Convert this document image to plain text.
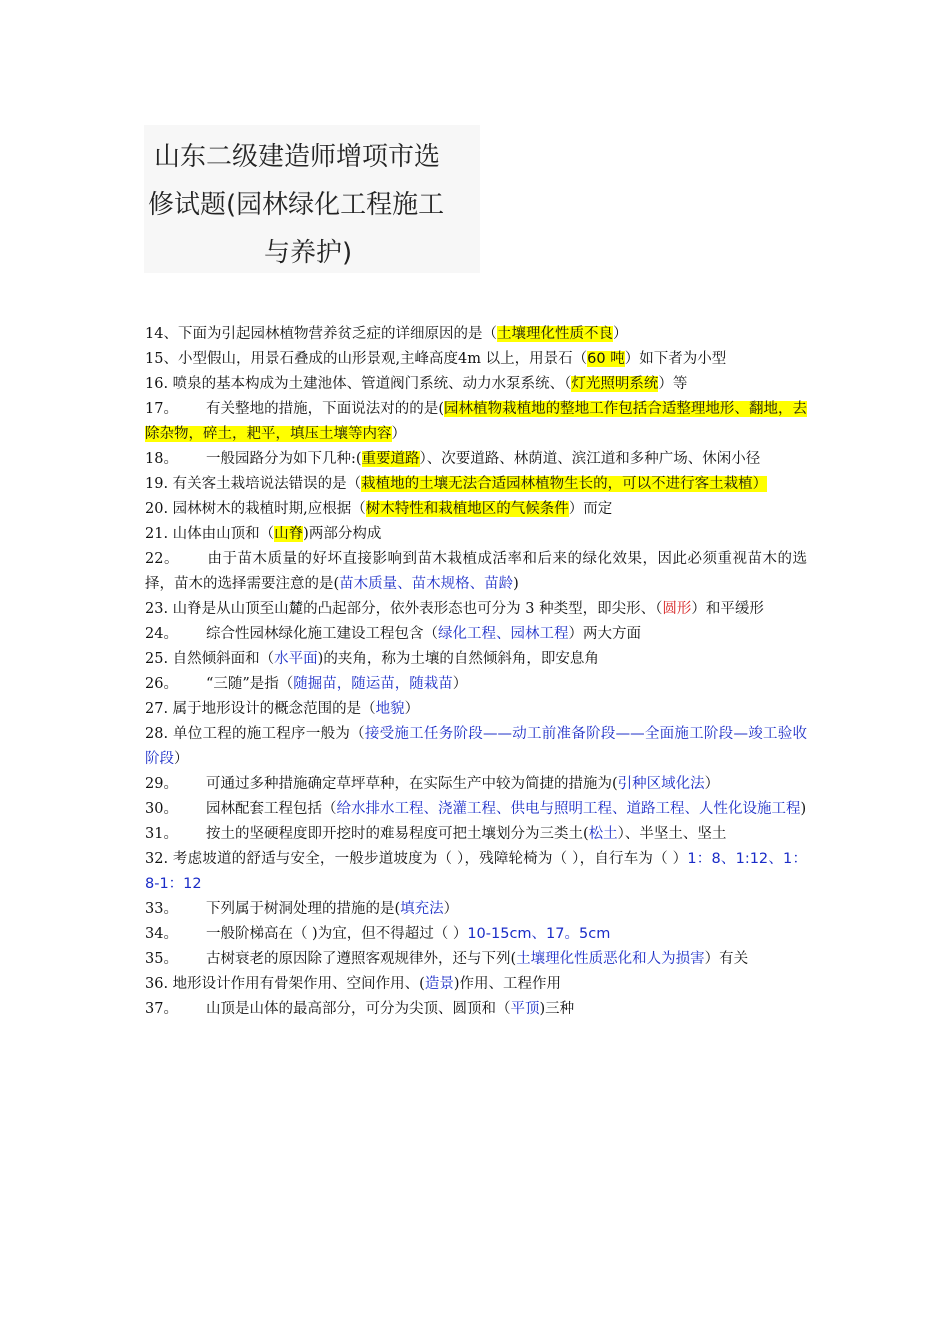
山东二级建造师增项市选
修试题(园林绿化工程施工
与养护)

14、下面为引起园林植物营养贫乏症的详细原因的是（土壤理化性质不良）

15、小型假山，用景石叠成的山形景观,主峰高度4m 以上，用景石（60 吨）如下者为小型

16. 喷泉的基本构成为土建池体、管道阀门系统、动力水泵系统、（灯光照明系统）等

17。 有关整地的措施，下面说法对的的是(园林植物栽植地的整地工作包括合适整理地形、翻地，去除杂物，碎土，耙平，填压土壤等内容）

18。 一般园路分为如下几种:(重要道路）、次要道路、林荫道、滨江道和多种广场、休闲小径

19. 有关客土栽培说法错误的是（栽植地的土壤无法合适园林植物生长的，可以不进行客土栽植）

20. 园林树木的栽植时期,应根据（树木特性和栽植地区的气候条件）而定

21. 山体由山顶和（山脊)两部分构成

22。 由于苗木质量的好坏直接影响到苗木栽植成活率和后来的绿化效果，因此必须重视苗木的选择，苗木的选择需要注意的是(苗木质量、苗木规格、苗龄)

23. 山脊是从山顶至山麓的凸起部分，依外表形态也可分为 3 种类型，即尖形、（圆形）和平缓形

24。 综合性园林绿化施工建设工程包含（绿化工程、园林工程）两大方面

25. 自然倾斜面和（水平面)的夹角，称为土壤的自然倾斜角，即安息角

26。 “三随”是指（随掘苗，随运苗，随栽苗）

27. 属于地形设计的概念范围的是（地貌）

28. 单位工程的施工程序一般为（接受施工任务阶段——动工前准备阶段——全面施工阶段—竣工验收阶段）

29。 可通过多种措施确定草坪草种，在实际生产中较为简捷的措施为(引种区域化法）

30。 园林配套工程包括（给水排水工程、浇灌工程、供电与照明工程、道路工程、人性化设施工程)

31。 按土的坚硬程度即开挖时的难易程度可把土壤划分为三类土(松土）、半坚土、坚土

32. 考虑坡道的舒适与安全，一般步道坡度为（ ），残障轮椅为（ ），自行车为（ ）1：8、1:12、1：8-1：12

33。 下列属于树洞处理的措施的是(填充法）

34。 一般阶梯高在（ )为宜，但不得超过（ ）10-15cm、17。5cm

35。 古树衰老的原因除了遵照客观规律外，还与下列(土壤理化性质恶化和人为损害）有关

36. 地形设计作用有骨架作用、空间作用、(造景)作用、工程作用

37。 山顶是山体的最高部分，可分为尖顶、圆顶和（平顶)三种
